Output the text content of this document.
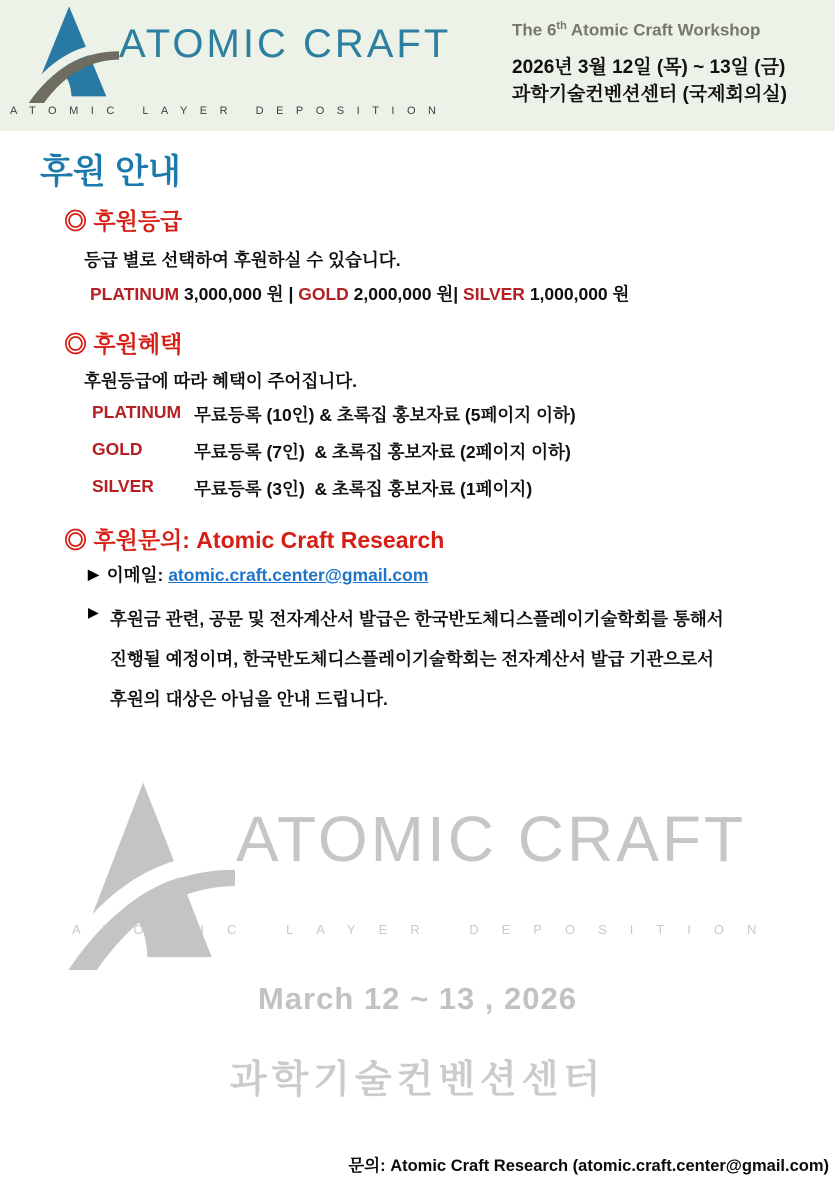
ATOMIC CRAFT
ATOMIC LAYER DEPOSITION
The 6th Atomic Craft Workshop
2026년 3월 12일 (목) ~ 13일 (금)
과학기술컨벤션센터 (국제회의실)
후원 안내
◎ 후원등급
등급 별로 선택하여 후원하실 수 있습니다.
PLATINUM 3,000,000 원 | GOLD 2,000,000 원| SILVER 1,000,000 원
◎ 후원혜택
후원등급에 따라 혜택이 주어집니다.
PLATINUM 무료등록 (10인) & 초록집 홍보자료 (5페이지 이하)
GOLD	무료등록 (7인)  & 초록집 홍보자료 (2페이지 이하)
SILVER	무료등록 (3인)  & 초록집 홍보자료 (1페이지)
◎ 후원문의: Atomic Craft Research
▶ 이메일: atomic.craft.center@gmail.com
▶ 후원금 관련, 공문 및 전자계산서 발급은 한국반도체디스플레이기술학회를 통해서
진행될 예정이며, 한국반도체디스플레이기술학회는 전자계산서 발급 기관으로서
후원의 대상은 아님을 안내 드립니다.
ATOMIC CRAFT
ATOMIC LAYER DEPOSITION
March 12 ~ 13 , 2026
과학기술컨벤션센터
문의: Atomic Craft Research (atomic.craft.center@gmail.com)
